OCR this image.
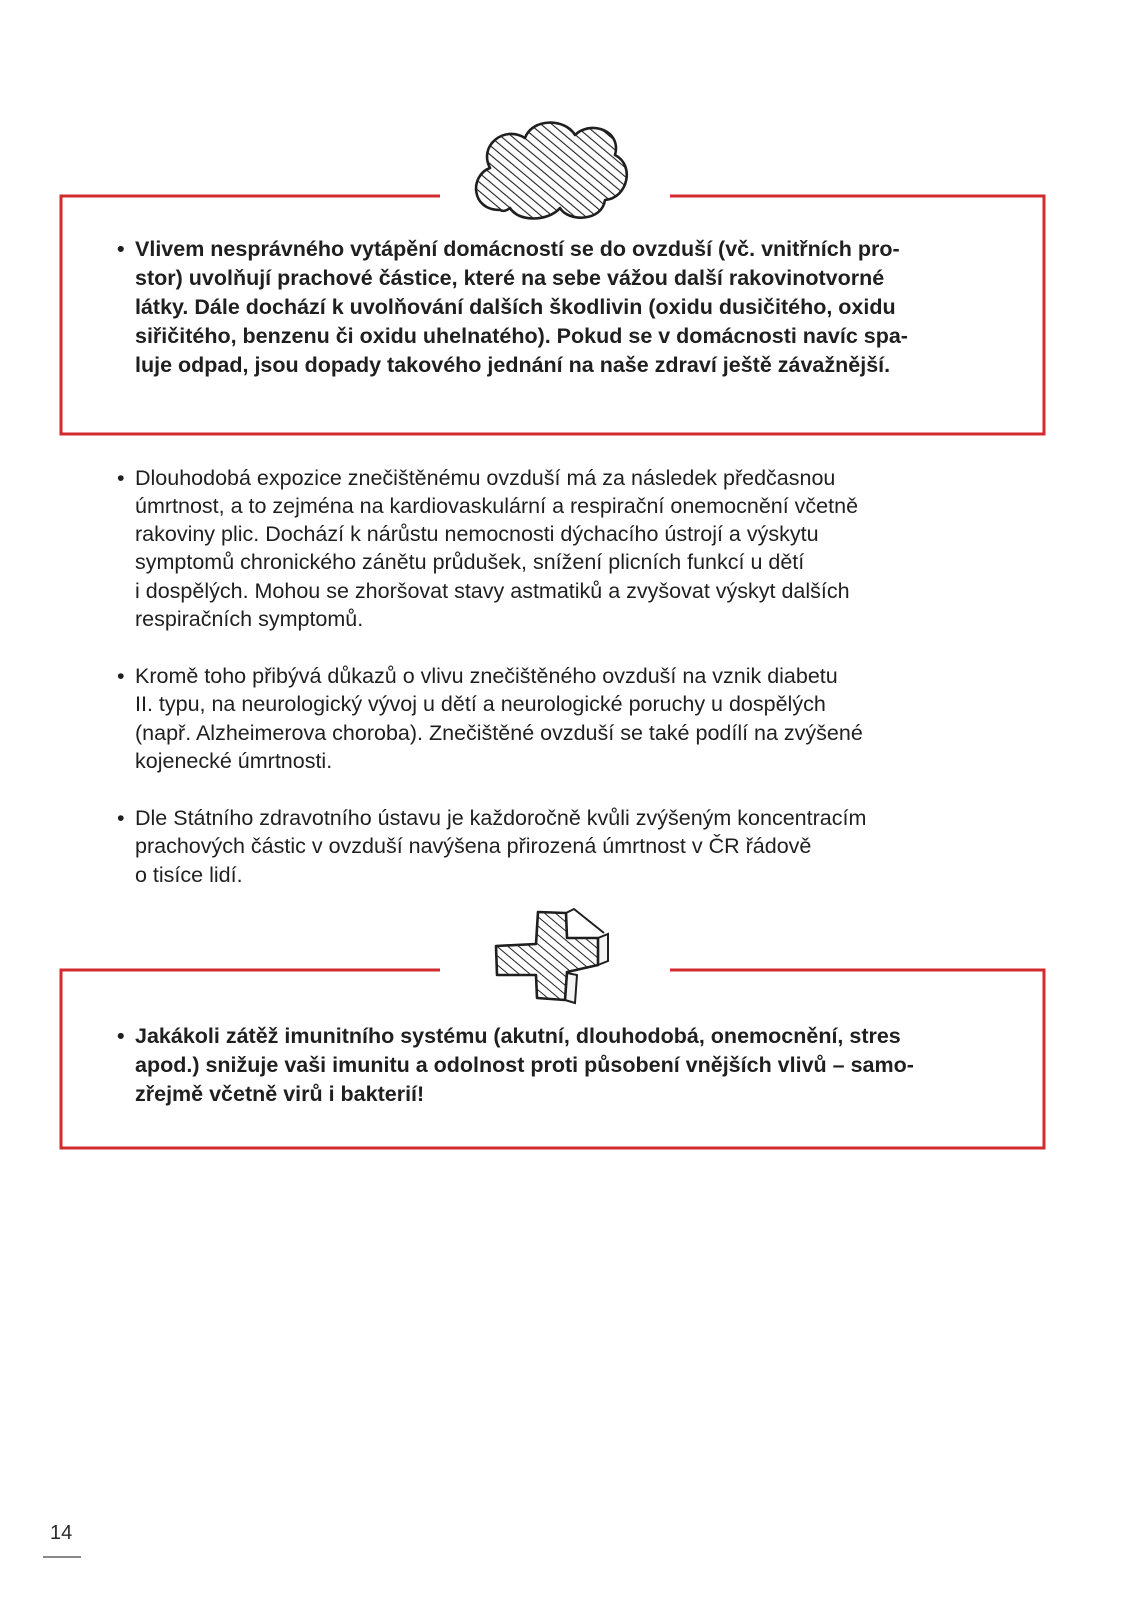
• Vlivem nesprávného vytápění domácností se do ovzduší (vč. vnitřních pro-
stor) uvolňují prachové částice, které na sebe vážou další rakovinotvorné
látky. Dále dochází k uvolňování dalších škodlivin (oxidu dusičitého, oxidu
siřičitého, benzenu či oxidu uhelnatého). Pokud se v domácnosti navíc spa-
luje odpad, jsou dopady takového jednání na naše zdraví ještě závažnější.
• Dlouhodobá expozice znečištěnému ovzduší má za následek předčasnou
úmrtnost, a to zejména na kardiovaskulární a respirační onemocnění včetně
rakoviny plic. Dochází k nárůstu nemocnosti dýchacího ústrojí a výskytu
symptomů chronického zánětu průdušek, snížení plicních funkcí u dětí
i dospělých. Mohou se zhoršovat stavy astmatiků a zvyšovat výskyt dalších
respiračních symptomů.
• Kromě toho přibývá důkazů o vlivu znečištěného ovzduší na vznik diabetu
II. typu, na neurologický vývoj u dětí a neurologické poruchy u dospělých
(např. Alzheimerova choroba). Znečištěné ovzduší se také podílí na zvýšené
kojenecké úmrtnosti.
• Dle Státního zdravotního ústavu je každoročně kvůli zvýšeným koncentracím
prachových částic v ovzduší navýšena přirozená úmrtnost v ČR řádově
o tisíce lidí.
• Jakákoli zátěž imunitního systému (akutní, dlouhodobá, onemocnění, stres
apod.) snižuje vaši imunitu a odolnost proti působení vnějších vlivů – samo-
zřejmě včetně virů i bakterií!
14
